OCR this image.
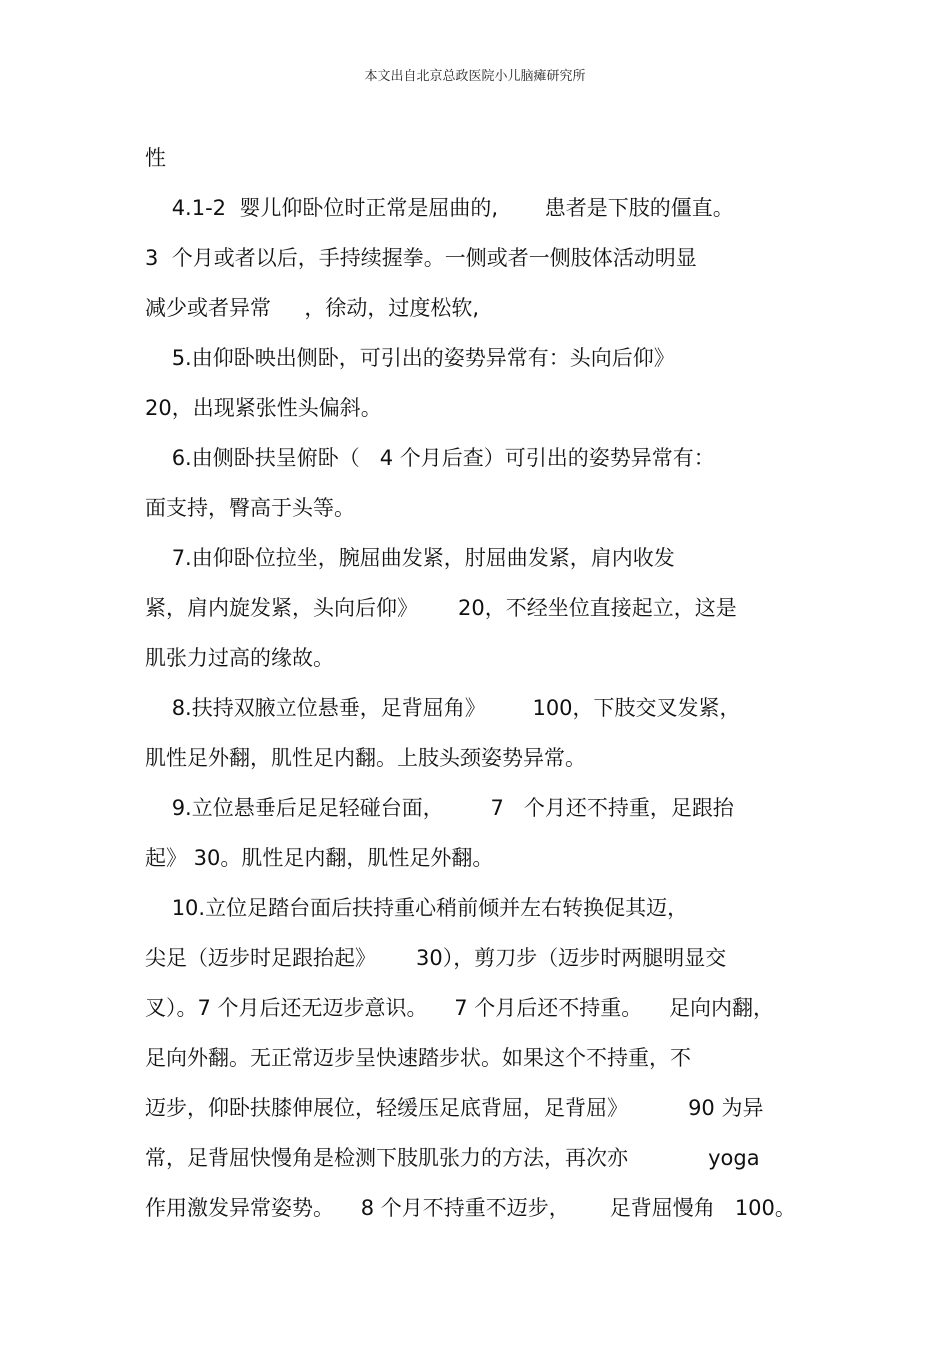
本文出自北京总政医院小儿脑瘫研究所
性
4.1-2  婴儿仰卧位时正常是屈曲的,       患者是下肢的僵直。
3  个月或者以后，手持续握拳。一侧或者一侧肢体活动明显
减少或者异常     ，徐动，过度松软,
5.由仰卧映出侧卧，可引出的姿势异常有：头向后仰》
20，出现紧张性头偏斜。
6.由侧卧扶呈俯卧（   4 个月后查）可引出的姿势异常有：
面支持，臀高于头等。
7.由仰卧位拉坐，腕屈曲发紧，肘屈曲发紧，肩内收发
紧，肩内旋发紧，头向后仰》      20，不经坐位直接起立，这是
肌张力过高的缘故。
8.扶持双腋立位悬垂，足背屈角》       100，下肢交叉发紧，
肌性足外翻，肌性足内翻。上肢头颈姿势异常。
9.立位悬垂后足足轻碰台面，       7   个月还不持重，足跟抬
起》 30。肌性足内翻，肌性足外翻。
10.立位足踏台面后扶持重心稍前倾并左右转换促其迈，
尖足（迈步时足跟抬起》      30），剪刀步（迈步时两腿明显交
叉）。7 个月后还无迈步意识。    7 个月后还不持重。    足向内翻，
足向外翻。无正常迈步呈快速踏步状。如果这个不持重，不
迈步，仰卧扶膝伸展位，轻缓压足底背屈，足背屈》         90 为异
常，足背屈快慢角是检测下肢肌张力的方法，再次亦            yoga
作用激发异常姿势。    8 个月不持重不迈步，      足背屈慢角   100。
